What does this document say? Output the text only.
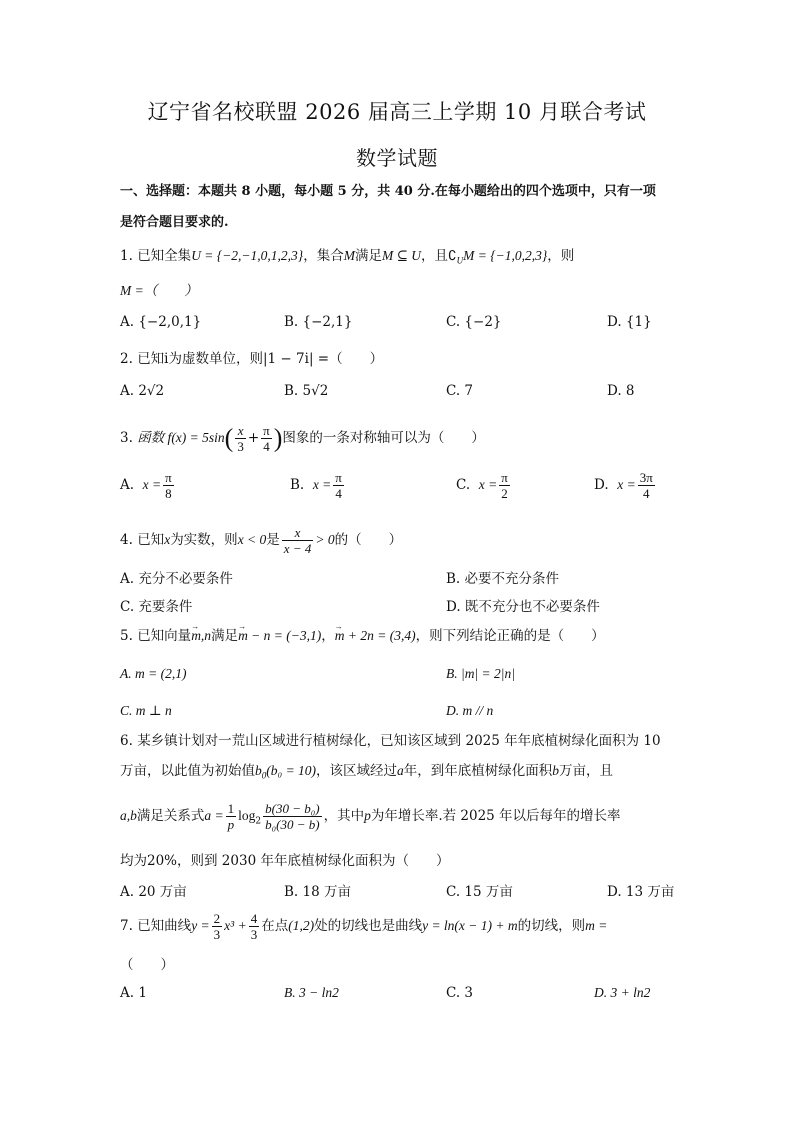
辽宁省名校联盟 2026 届高三上学期 10 月联合考试
数学试题
一、选择题：本题共 8 小题，每小题 5 分，共 40 分.在每小题给出的四个选项中，只有一项
是符合题目要求的.
1. 已知全集U = {−2,−1,0,1,2,3}，集合M满足M ⊆ U，且$∁_UM = \{-1,0,2,3\}$，则
M =（　　）
A. {−2,0,1}	B. {−2,1}	C. {−2}	D. {1}
2. 已知i为虚数单位，则|1 − 7i| =（　　）
A. 2√2	B. 5√2	C. 7	D. 8
3. 函数 $f(x) = 5\sin( \frac{x}{3} + \frac{\pi}{4}$ )图象的一条对称轴可以为（　　）
A. $x = \frac{\pi}{8}$	B. $x = \frac{\pi}{4}$	C. $x = \frac{\pi}{2}$	D. $x = \frac{3\pi}{4}$
4. 已知x为实数，则x < 0是 $\frac{x}{x - 4} > 0$的（　　）
A. 充分不必要条件	B. 必要不充分条件
C. 充要条件	D. 既不充分也不必要条件
5. 已知向量→ m,n满足→ m − n = (−3,1)，→ m + 2n = (3,4)，则下列结论正确的是（　　）
A. m = (2,1)	B. |m| = 2|n|
C. m ⊥ n	D. m // n
6. 某乡镇计划对一荒山区域进行植树绿化，已知该区域到 2025 年年底植树绿化面积为 10
万亩，以此值为初始值$b_0(b_0 = 10)$，该区域经过a年，到年底植树绿化面积b万亩，且
a,b满足关系式$a = \frac{1}{p} \log_2 \frac{\text{b(30 − b₀)}}{\text{b₀(30 − b)}}$ ，其中p为年增长率.若 2025 年以后每年的增长率
均为20%，则到 2030 年年底植树绿化面积为（　　）
A. 20 万亩	B. 18 万亩	C. 15 万亩	D. 13 万亩
7. 已知曲线$y = \frac{2}{3} x^3 + \frac{4}{3}$ 在点(1,2)处的切线也是曲线y = ln(x − 1) + m的切线，则m =
（　　）
A. 1	B. 3 − ln2	C. 3	D. 3 + ln2
